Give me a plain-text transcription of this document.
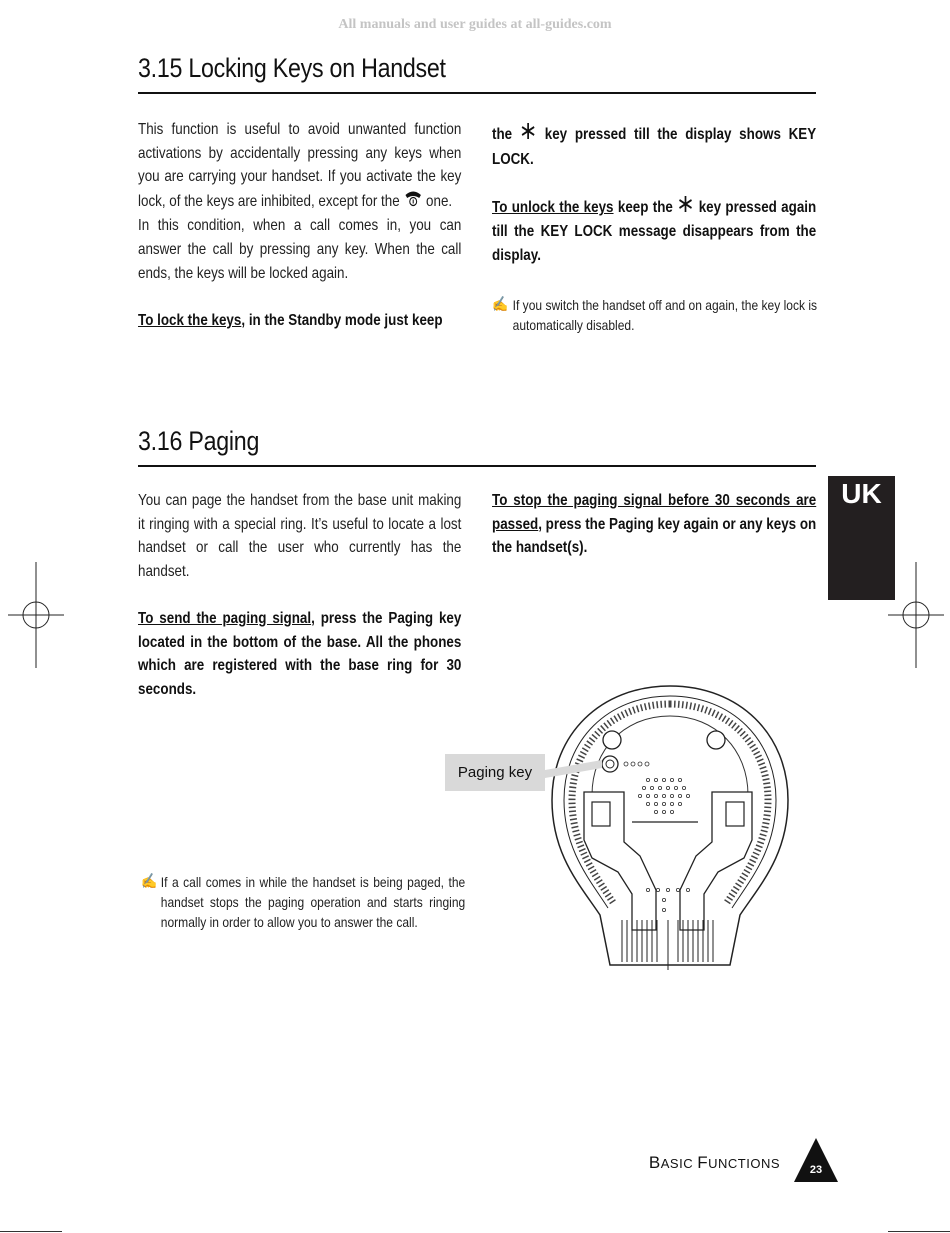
All manuals and user guides at all-guides.com
3.15 Locking Keys on Handset

This function is useful to avoid unwanted function activations by accidentally pressing any keys when you are carrying your handset. If you activate the key lock, of the keys are inhibited, except for the one.

In this condition, when a call comes in, you can answer the call by pressing any key. When the call ends, the keys will be locked again.

To lock the keys, in the Standby mode just keep

the key pressed till the display shows KEY LOCK.

To unlock the keys keep the key pressed again till the KEY LOCK message disappears from the display.

✍ If you switch the handset off and on again, the key lock is automatically disabled.
3.16 Paging

You can page the handset from the base unit making it ringing with a special ring. It’s useful to locate a lost handset or call the user who currently has the handset.

To send the paging signal, press the Paging key located in the bottom of the base. All the phones which are registered with the base ring for 30 seconds.

To stop the paging signal before 30 seconds are passed, press the Paging key again or any keys on the handset(s).

✍ If a call comes in while the handset is being paged, the handset stops the paging operation and starts ringing normally in order to allow you to answer the call.
Paging key
UK
BASIC FUNCTIONS	23
